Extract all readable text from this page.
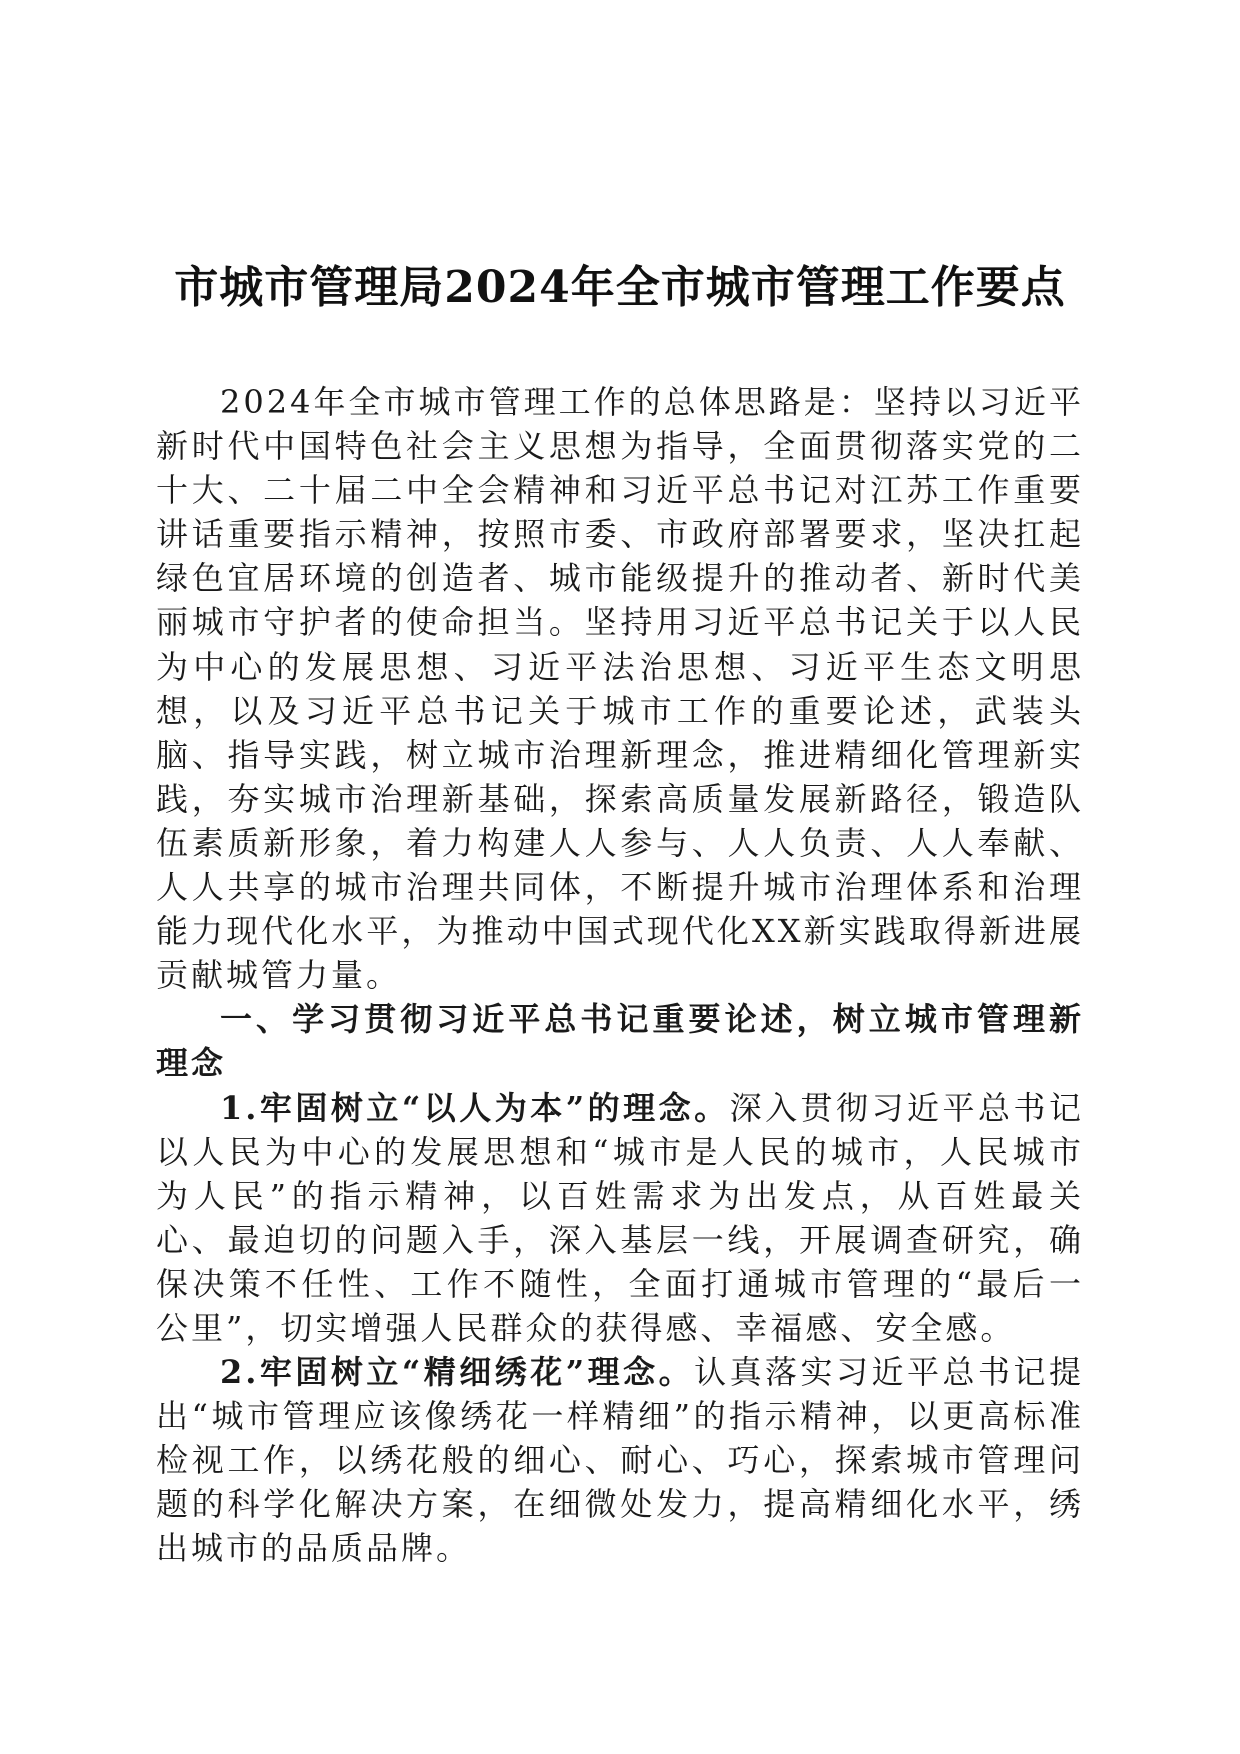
市城市管理局2024年全市城市管理工作要点

2024年全市城市管理工作的总体思路是：坚持以习近平新时代中国特色社会主义思想为指导，全面贯彻落实党的二十大、二十届二中全会精神和习近平总书记对江苏工作重要讲话重要指示精神，按照市委、市政府部署要求，坚决扛起绿色宜居环境的创造者、城市能级提升的推动者、新时代美丽城市守护者的使命担当。坚持用习近平总书记关于以人民为中心的发展思想、习近平法治思想、习近平生态文明思想，以及习近平总书记关于城市工作的重要论述，武装头脑、指导实践，树立城市治理新理念，推进精细化管理新实践，夯实城市治理新基础，探索高质量发展新路径，锻造队伍素质新形象，着力构建人人参与、人人负责、人人奉献、人人共享的城市治理共同体，不断提升城市治理体系和治理能力现代化水平，为推动中国式现代化XX新实践取得新进展贡献城管力量。

一、学习贯彻习近平总书记重要论述，树立城市管理新理念

1.牢固树立“以人为本”的理念。深入贯彻习近平总书记以人民为中心的发展思想和“城市是人民的城市，人民城市为人民”的指示精神，以百姓需求为出发点，从百姓最关心、最迫切的问题入手，深入基层一线，开展调查研究，确保决策不任性、工作不随性，全面打通城市管理的“最后一公里”，切实增强人民群众的获得感、幸福感、安全感。

2.牢固树立“精细绣花”理念。认真落实习近平总书记提出“城市管理应该像绣花一样精细”的指示精神，以更高标准检视工作，以绣花般的细心、耐心、巧心，探索城市管理问题的科学化解决方案，在细微处发力，提高精细化水平，绣出城市的品质品牌。
